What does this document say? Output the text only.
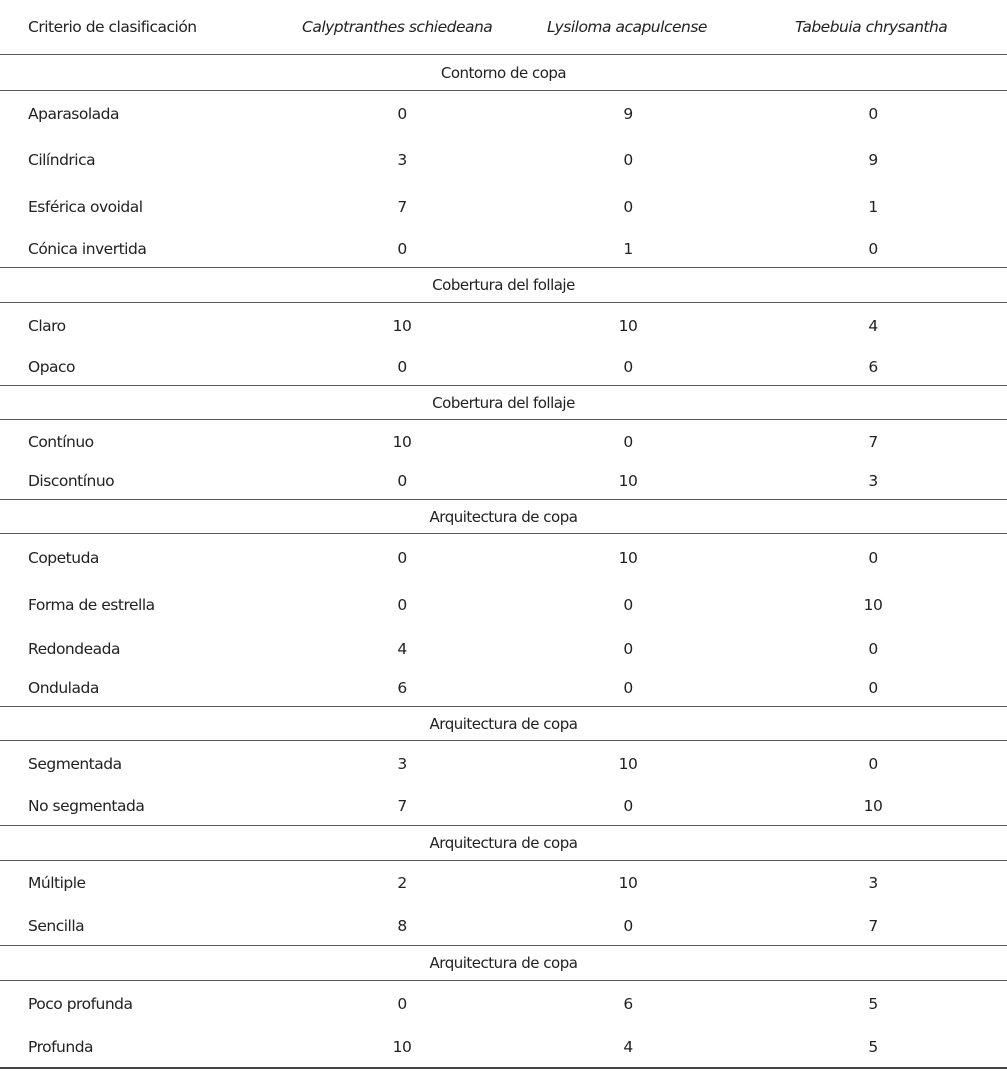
Criterio de clasificación	Calyptranthes schiedeana	Lysiloma acapulcense	Tabebuia chrysantha
Contorno de copa
Aparasolada	0	9	0
Cilíndrica	3	0	9
Esférica ovoidal	7	0	1
Cónica invertida	0	1	0
Cobertura del follaje
Claro	10	10	4
Opaco	0	0	6
Cobertura del follaje
Contínuo	10	0	7
Discontínuo	0	10	3
Arquitectura de copa
Copetuda	0	10	0
Forma de estrella	0	0	10
Redondeada	4	0	0
Ondulada	6	0	0
Arquitectura de copa
Segmentada	3	10	0
No segmentada	7	0	10
Arquitectura de copa
Múltiple	2	10	3
Sencilla	8	0	7
Arquitectura de copa
Poco profunda	0	6	5
Profunda	10	4	5
